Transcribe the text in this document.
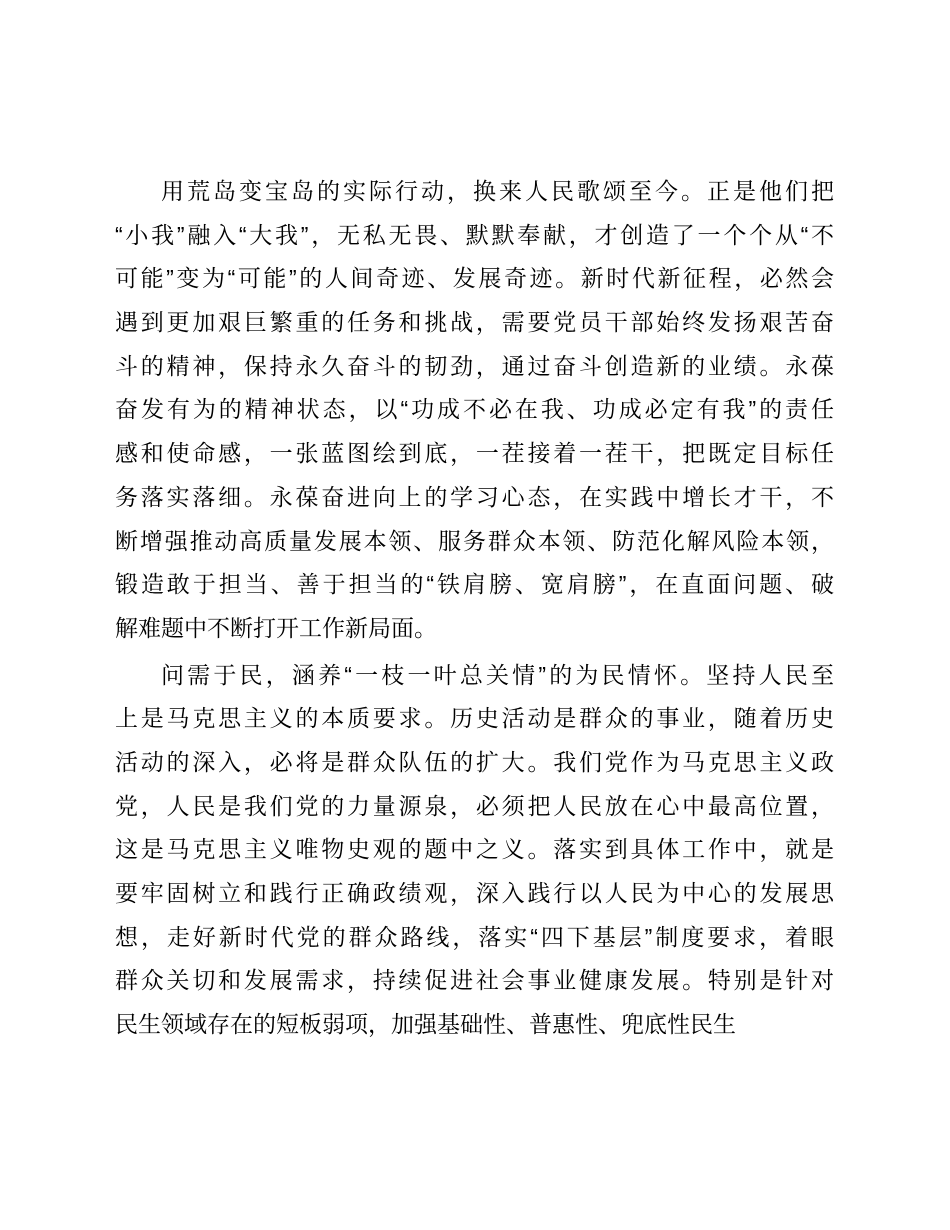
用荒岛变宝岛的实际行动，换来人民歌颂至今。正是他们把
“小我”融入“大我”，无私无畏、默默奉献，才创造了一个个从“不
可能”变为“可能”的人间奇迹、发展奇迹。新时代新征程，必然会
遇到更加艰巨繁重的任务和挑战，需要党员干部始终发扬艰苦奋
斗的精神，保持永久奋斗的韧劲，通过奋斗创造新的业绩。永葆
奋发有为的精神状态，以“功成不必在我、功成必定有我”的责任
感和使命感，一张蓝图绘到底，一茬接着一茬干，把既定目标任
务落实落细。永葆奋进向上的学习心态，在实践中增长才干，不
断增强推动高质量发展本领、服务群众本领、防范化解风险本领，
锻造敢于担当、善于担当的“铁肩膀、宽肩膀”，在直面问题、破
解难题中不断打开工作新局面。
问需于民，涵养“一枝一叶总关情”的为民情怀。坚持人民至
上是马克思主义的本质要求。历史活动是群众的事业，随着历史
活动的深入，必将是群众队伍的扩大。我们党作为马克思主义政
党，人民是我们党的力量源泉，必须把人民放在心中最高位置，
这是马克思主义唯物史观的题中之义。落实到具体工作中，就是
要牢固树立和践行正确政绩观，深入践行以人民为中心的发展思
想，走好新时代党的群众路线，落实“四下基层”制度要求，着眼
群众关切和发展需求，持续促进社会事业健康发展。特别是针对
民生领域存在的短板弱项，加强基础性、普惠性、兜底性民生
